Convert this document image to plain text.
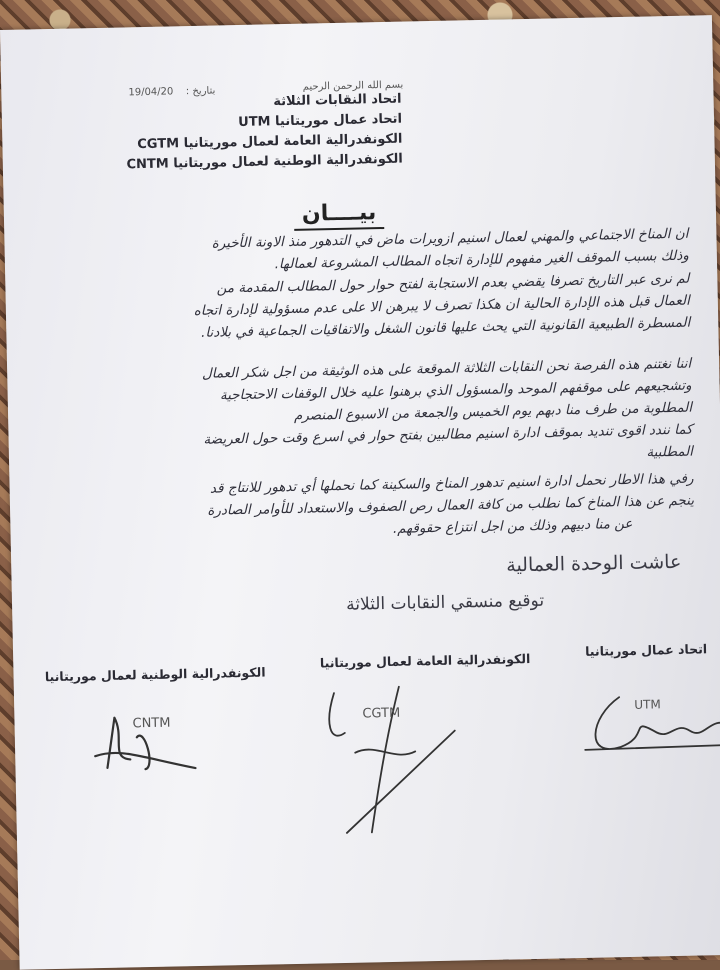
بسم الله الرحمن الرحيم
بتاريخ :
19/04/20	اتحاد النقابات الثلاثة
اتحاد عمال موريتانيا UTM
الكونفدرالية العامة لعمال موريتانيا CGTM
الكونفدرالية الوطنية لعمال موريتانيا CNTM
بيــــان
ان المناخ الاجتماعي والمهني لعمال اسنيم ازويرات ماض في التدهور منذ الاونة الأخيرة
وذلك بسبب الموقف الغير مفهوم للإدارة اتجاه المطالب المشروعة لعمالها.
لم نرى عبر التاريخ تصرفا يقضي بعدم الاستجابة لفتح حوار حول المطالب المقدمة من
العمال قبل هذه الإدارة الحالية ان هكذا تصرف لا يبرهن الا على عدم مسؤولية لإدارة اتجاه
المسطرة الطبيعية القانونية التي يحث عليها قانون الشغل والاتفاقيات الجماعية في بلادنا.
اننا نغتنم هذه الفرصة نحن النقابات الثلاثة الموقعة على هذه الوثيقة من اجل شكر العمال
وتشجيعهم على موقفهم الموحد والمسؤول الذي برهنوا عليه خلال الوقفات الاحتجاجية
المطلوبة من طرف منا دبهم يوم الخميس والجمعة من الاسبوع المنصرم
كما نندد اقوى تنديد بموقف ادارة اسنيم مطالبين بفتح حوار في اسرع وقت حول العريضة
المطلبية
رفي هذا الاطار نحمل ادارة اسنيم تدهور المناخ والسكينة كما نحملها أي تدهور للانتاج قد
ينجم عن هذا المناخ كما نطلب من كافة العمال رص الصفوف والاستعداد للأوامر الصادرة
عن منا دبيهم وذلك من اجل انتزاع حقوقهم.
عاشت الوحدة العمالية
توقيع منسقي النقابات الثلاثة
الكونفدرالية الوطنية لعمال موريتانيا
الكونفدرالية العامة لعمال موريتانيا
اتحاد عمال موريتانيا
CNTM
CGTM
UTM
